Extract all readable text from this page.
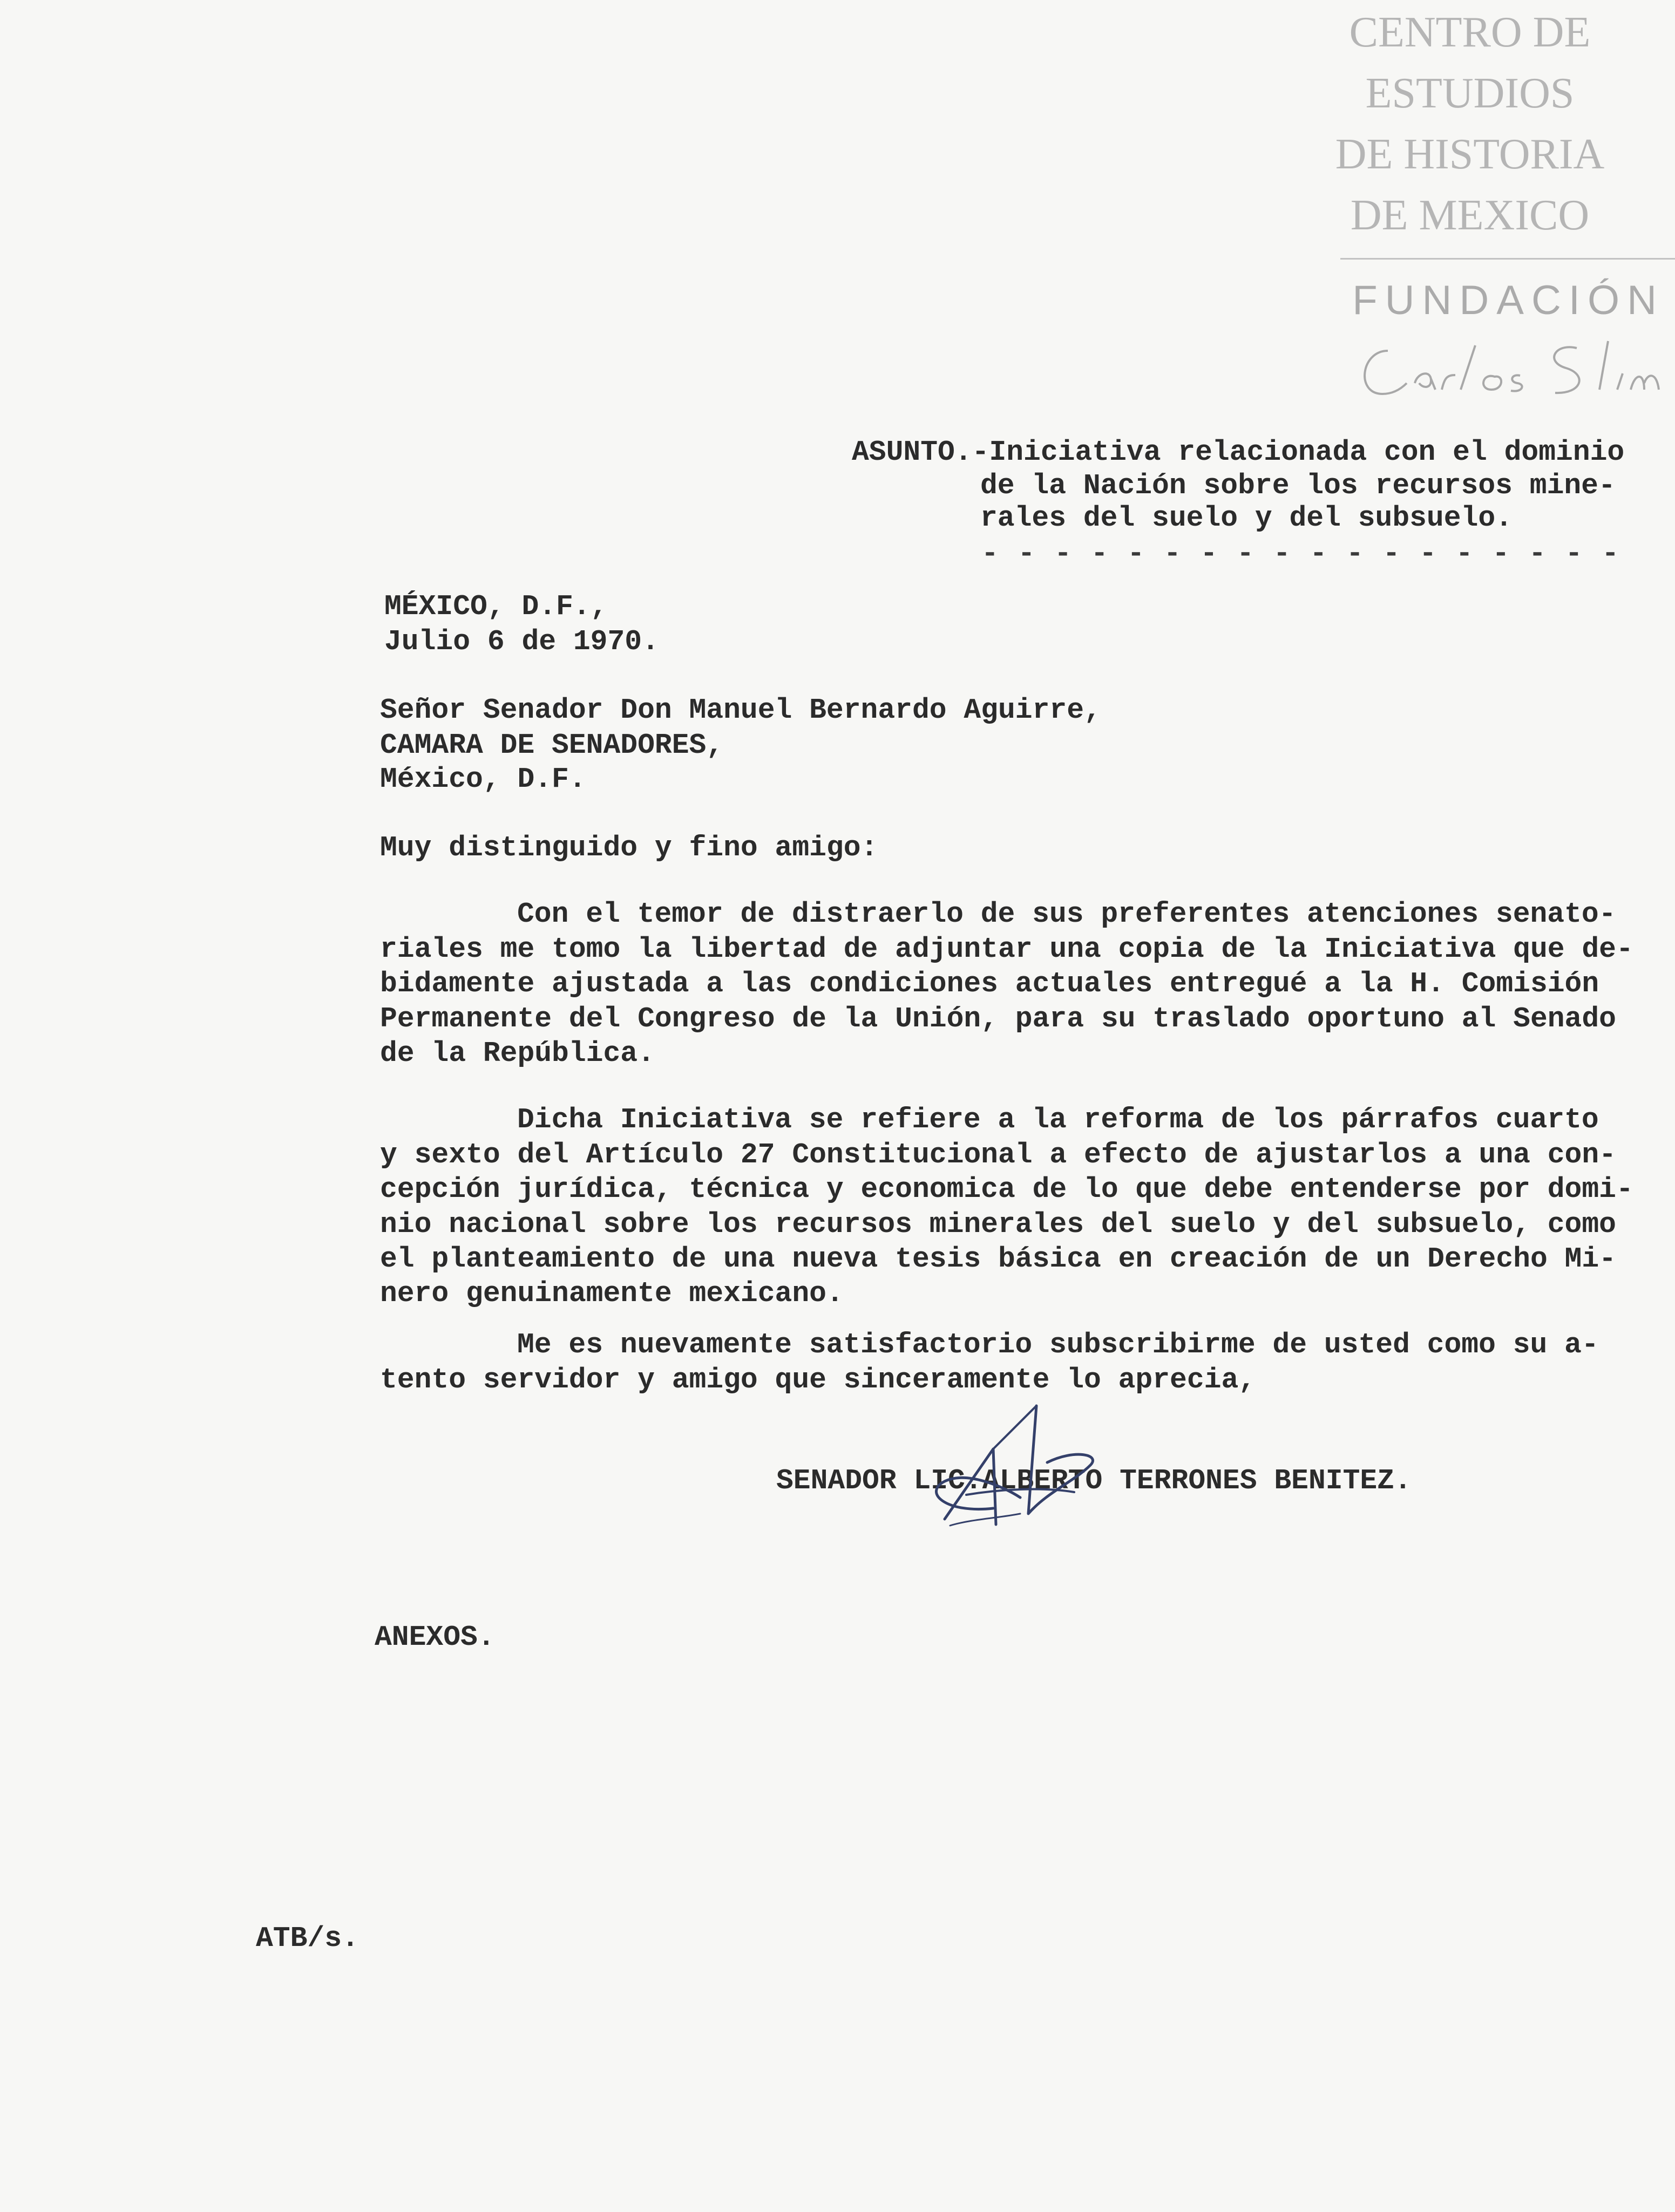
CENTRO DE
ESTUDIOS
DE HISTORIA
DE MEXICO
FUNDACIÓN
ASUNTO.-Iniciativa relacionada con el dominio
de la Nación sobre los recursos mine-
rales del suelo y del subsuelo.
- - - - - - - - - - - - - - - - - -
MÉXICO, D.F.,
Julio 6 de 1970.
Señor Senador Don Manuel Bernardo Aguirre,
CAMARA DE SENADORES,
México, D.F.
Muy distinguido y fino amigo:
Con el temor de distraerlo de sus preferentes atenciones senato-
riales me tomo la libertad de adjuntar una copia de la Iniciativa que de-
bidamente ajustada a las condiciones actuales entregué a la H. Comisión
Permanente del Congreso de la Unión, para su traslado oportuno al Senado
de la República.
Dicha Iniciativa se refiere a la reforma de los párrafos cuarto
y sexto del Artículo 27 Constitucional a efecto de ajustarlos a una con-
cepción jurídica, técnica y economica de lo que debe entenderse por domi-
nio nacional sobre los recursos minerales del suelo y del subsuelo, como
el planteamiento de una nueva tesis básica en creación de un Derecho Mi-
nero genuinamente mexicano.
Me es nuevamente satisfactorio subscribirme de usted como su a-
tento servidor y amigo que sinceramente lo aprecia,
SENADOR LIC.ALBERTO TERRONES BENITEZ.
ANEXOS.
ATB/s.
